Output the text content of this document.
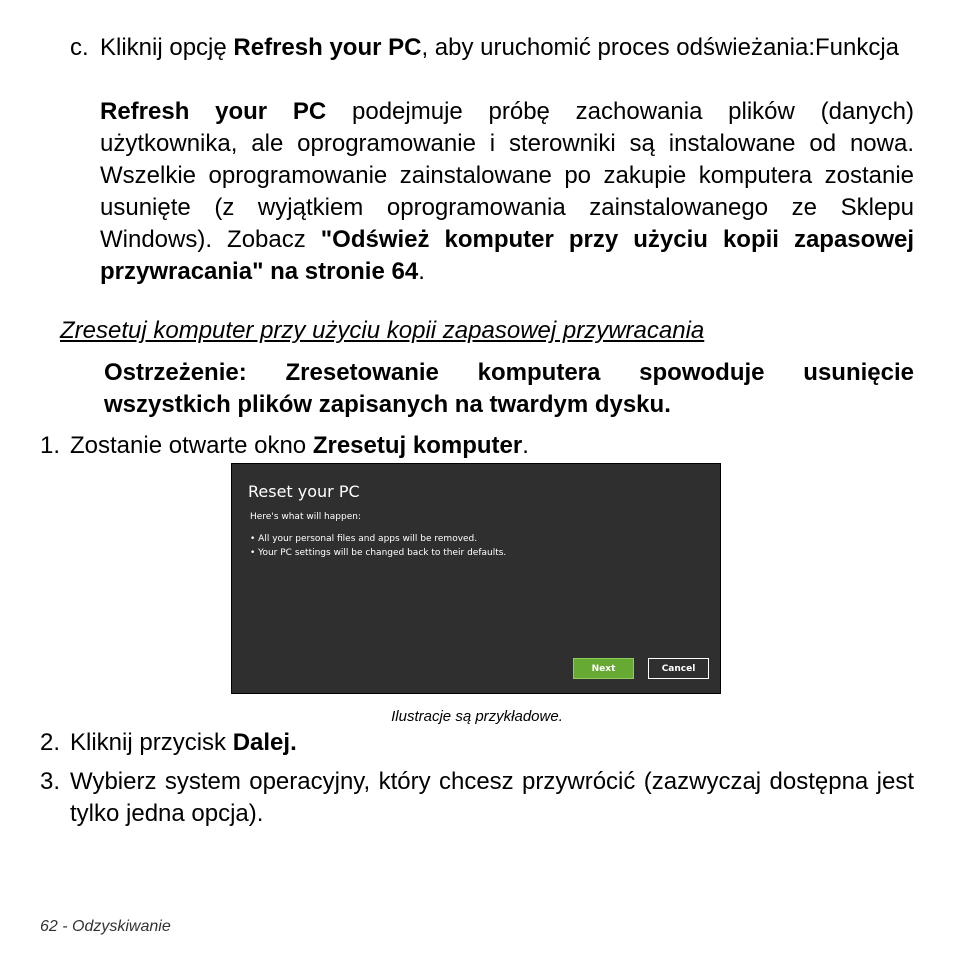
c. Kliknij opcję Refresh your PC, aby uruchomić proces odświeżania:Funkcja
Refresh your PC podejmuje próbę zachowania plików (danych) użytkownika, ale oprogramowanie i sterowniki są instalowane od nowa. Wszelkie oprogramowanie zainstalowane po zakupie komputera zostanie usunięte (z wyjątkiem oprogramowania zainstalowanego ze Sklepu Windows). Zobacz "Odśwież komputer przy użyciu kopii zapasowej przywracania" na stronie 64.
Zresetuj komputer przy użyciu kopii zapasowej przywracania
Ostrzeżenie: Zresetowanie komputera spowoduje usunięcie wszystkich plików zapisanych na twardym dysku.
1. Zostanie otwarte okno Zresetuj komputer.
Reset your PC
Here's what will happen:
• All your personal files and apps will be removed.
• Your PC settings will be changed back to their defaults.
Next	Cancel
Ilustracje są przykładowe.
2. Kliknij przycisk Dalej.
3. Wybierz system operacyjny, który chcesz przywrócić (zazwyczaj dostępna jest tylko jedna opcja).
62 - Odzyskiwanie
